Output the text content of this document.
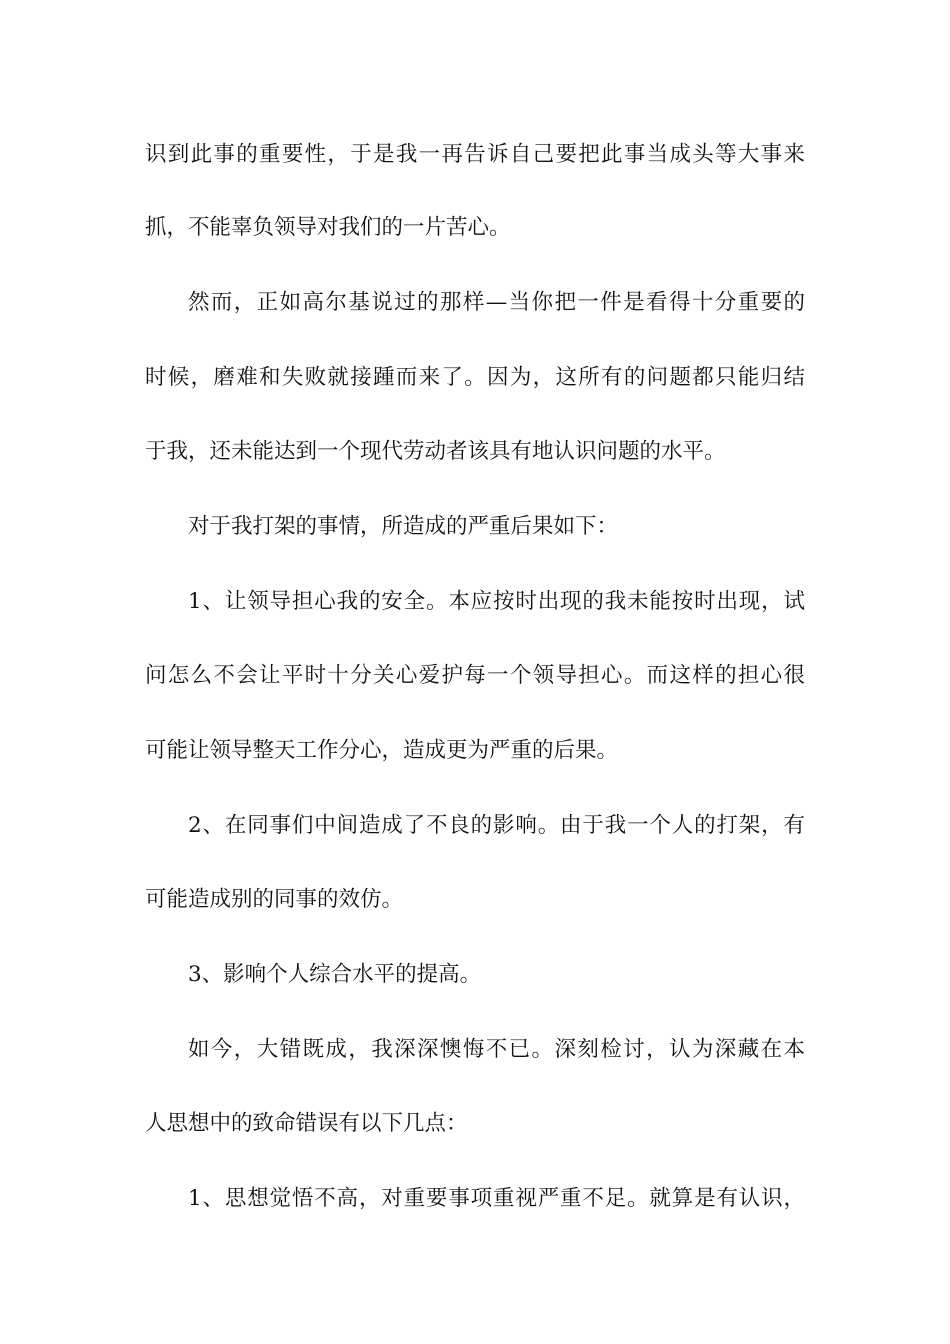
识到此事的重要性，于是我一再告诉自己要把此事当成头等大事来
抓，不能辜负领导对我们的一片苦心。
然而，正如高尔基说过的那样—当你把一件是看得十分重要的
时候，磨难和失败就接踵而来了。因为，这所有的问题都只能归结
于我，还未能达到一个现代劳动者该具有地认识问题的水平。
对于我打架的事情，所造成的严重后果如下：
1、让领导担心我的安全。本应按时出现的我未能按时出现，试
问怎么不会让平时十分关心爱护每一个领导担心。而这样的担心很
可能让领导整天工作分心，造成更为严重的后果。
2、在同事们中间造成了不良的影响。由于我一个人的打架，有
可能造成别的同事的效仿。
3、影响个人综合水平的提高。
如今，大错既成，我深深懊悔不已。深刻检讨，认为深藏在本
人思想中的致命错误有以下几点：
1、思想觉悟不高，对重要事项重视严重不足。就算是有认识，
